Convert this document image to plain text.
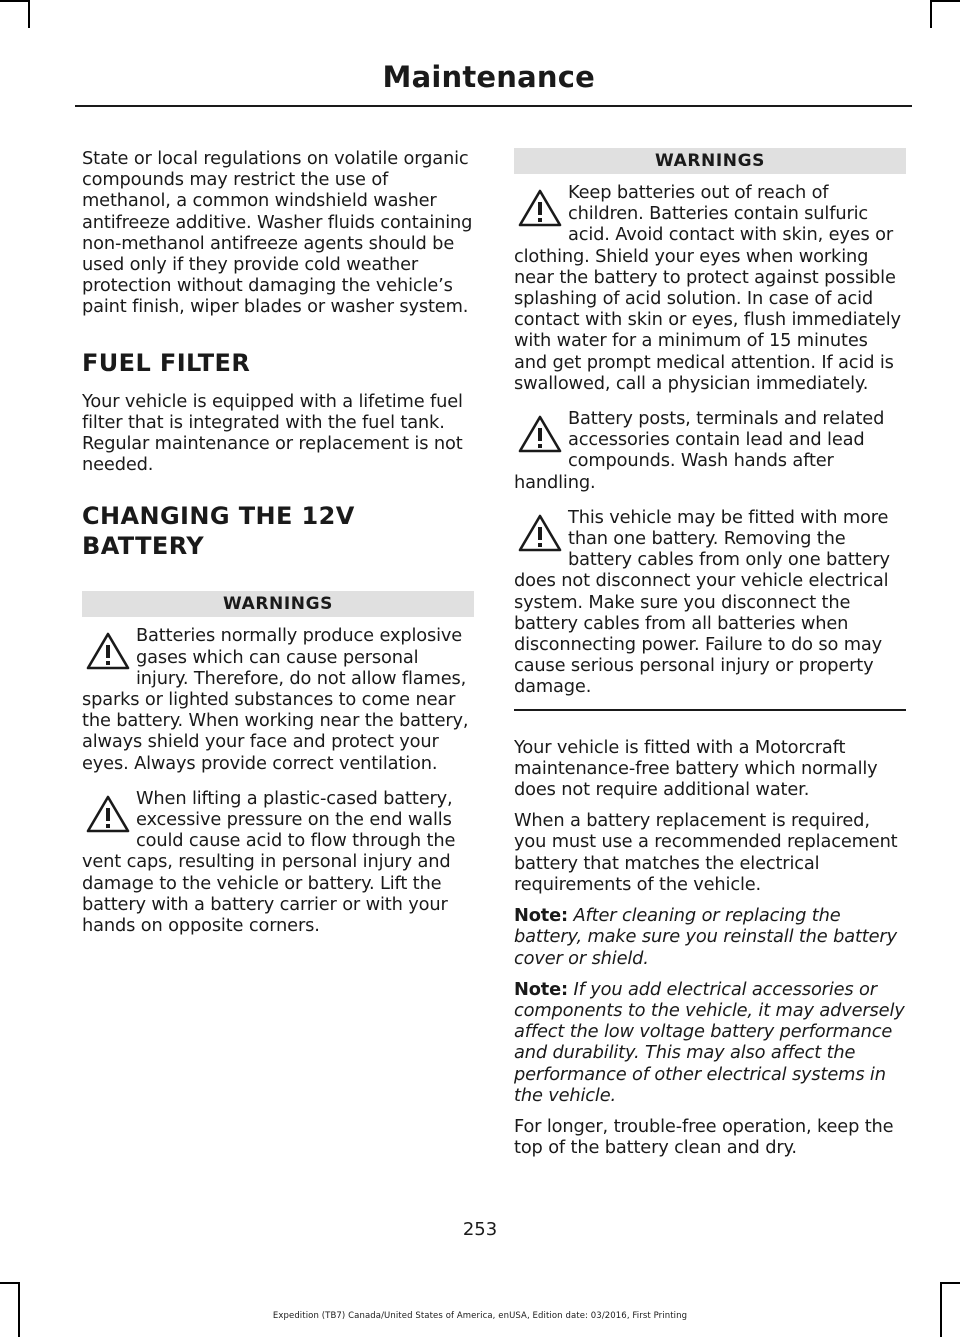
Maintenance

State or local regulations on volatile organic compounds may restrict the use of methanol, a common windshield washer antifreeze additive. Washer fluids containing non-methanol antifreeze agents should be used only if they provide cold weather protection without damaging the vehicle’s paint finish, wiper blades or washer system.

FUEL FILTER

Your vehicle is equipped with a lifetime fuel filter that is integrated with the fuel tank. Regular maintenance or replacement is not needed.

CHANGING THE 12V BATTERY
WARNINGS

Batteries normally produce explosive gases which can cause personal injury. Therefore, do not allow flames, sparks or lighted substances to come near the battery. When working near the battery, always shield your face and protect your eyes. Always provide correct ventilation.

When lifting a plastic-cased battery, excessive pressure on the end walls could cause acid to flow through the vent caps, resulting in personal injury and damage to the vehicle or battery. Lift the battery with a battery carrier or with your hands on opposite corners.

WARNINGS

Keep batteries out of reach of children. Batteries contain sulfuric acid. Avoid contact with skin, eyes or clothing. Shield your eyes when working near the battery to protect against possible splashing of acid solution. In case of acid contact with skin or eyes, flush immediately with water for a minimum of 15 minutes and get prompt medical attention. If acid is swallowed, call a physician immediately.

Battery posts, terminals and related accessories contain lead and lead compounds. Wash hands after handling.

This vehicle may be fitted with more than one battery. Removing the battery cables from only one battery does not disconnect your vehicle electrical system. Make sure you disconnect the battery cables from all batteries when disconnecting power. Failure to do so may cause serious personal injury or property damage.

Your vehicle is fitted with a Motorcraft maintenance-free battery which normally does not require additional water.

When a battery replacement is required, you must use a recommended replacement battery that matches the electrical requirements of the vehicle.

Note: After cleaning or replacing the battery, make sure you reinstall the battery cover or shield.

Note: If you add electrical accessories or components to the vehicle, it may adversely affect the low voltage battery performance and durability. This may also affect the performance of other electrical systems in the vehicle.

For longer, trouble-free operation, keep the top of the battery clean and dry.

253
Expedition (TB7) Canada/United States of America, enUSA, Edition date: 03/2016, First Printing
